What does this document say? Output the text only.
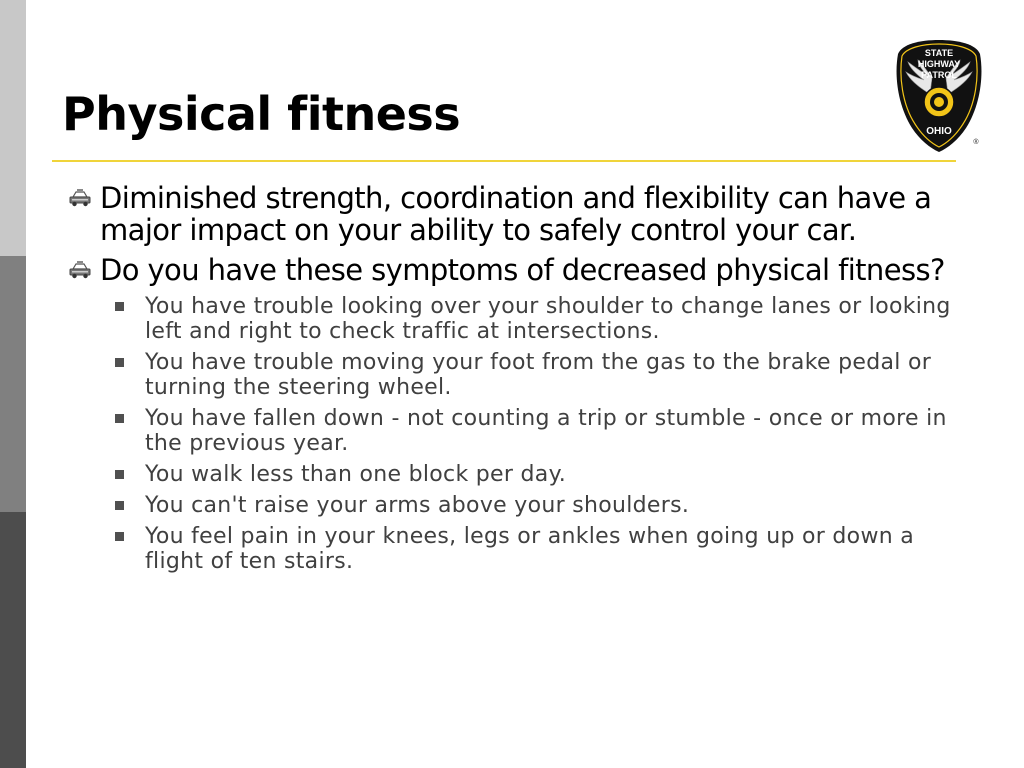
Physical fitness
STATE
HIGHWAY
PATROL
OHIO
®
Diminished strength, coordination and flexibility can have a major impact on your ability to safely control your car.
Do you have these symptoms of decreased physical fitness?
You have trouble looking over your shoulder to change lanes or looking left and right to check traffic at intersections.
You have trouble moving your foot from the gas to the brake pedal or turning the steering wheel.
You have fallen down - not counting a trip or stumble - once or more in the previous year.
You walk less than one block per day.
You can't raise your arms above your shoulders.
You feel pain in your knees, legs or ankles when going up or down a flight of ten stairs.
